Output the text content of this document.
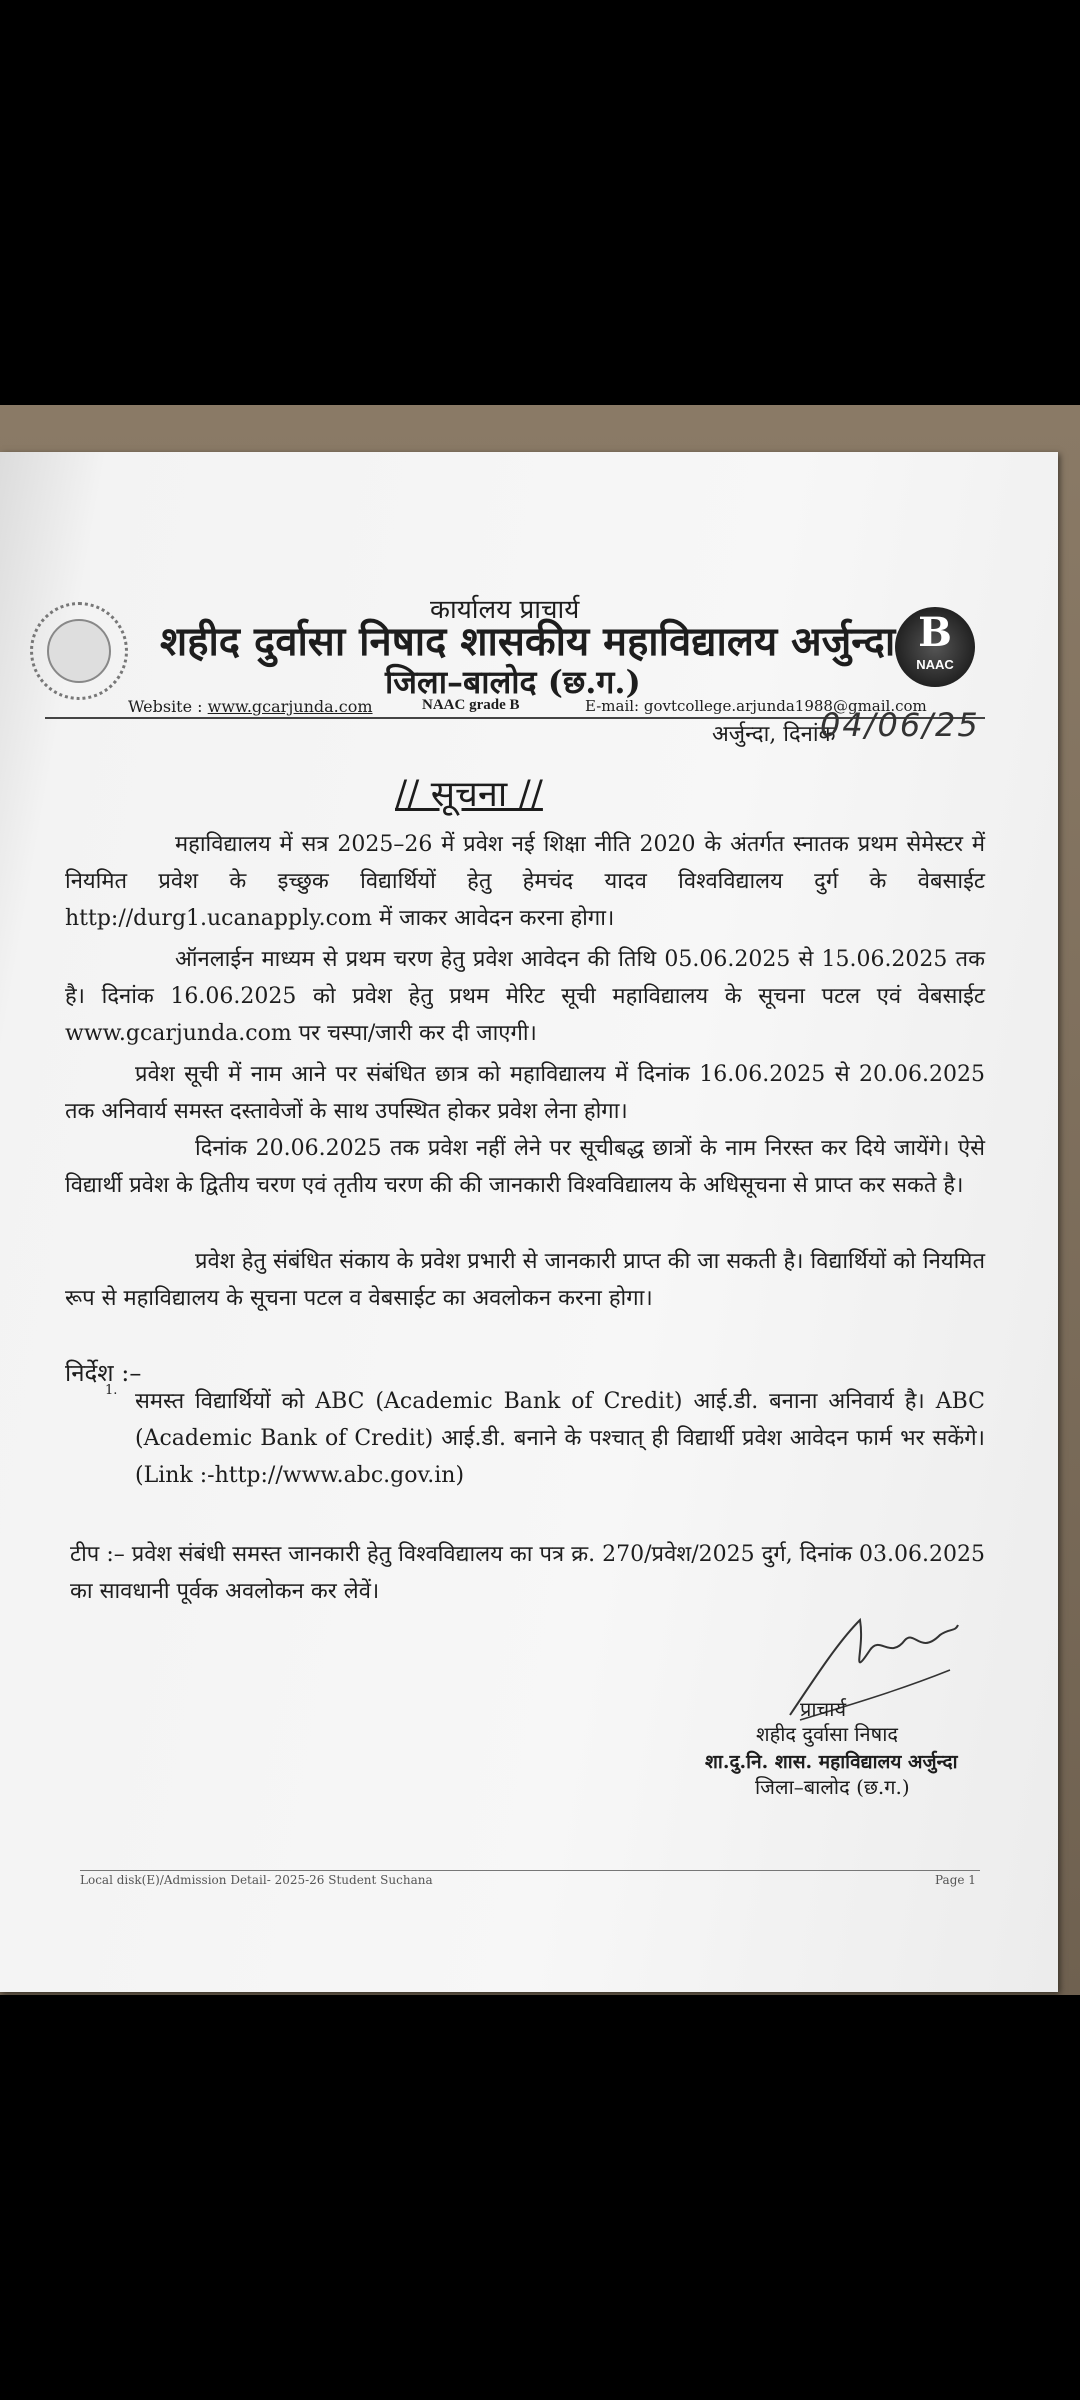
B
NAAC
कार्यालय प्राचार्य
शहीद दुर्वासा निषाद शासकीय महाविद्यालय अर्जुन्दा
जिला–बालोद (छ.ग.)
Website : www.gcarjunda.com	NAAC grade B	E-mail: govtcollege.arjunda1988@gmail.com
अर्जुन्दा, दिनांक
04/06/25
// सूचना //
महाविद्यालय में सत्र 2025–26 में प्रवेश नई शिक्षा नीति 2020 के अंतर्गत स्नातक प्रथम सेमेस्टर में नियमित प्रवेश के इच्छुक विद्यार्थियों हेतु हेमचंद यादव विश्वविद्यालय दुर्ग के वेबसाईट http://durg1.ucanapply.com में जाकर आवेदन करना होगा।
ऑनलाईन माध्यम से प्रथम चरण हेतु प्रवेश आवेदन की तिथि 05.06.2025 से 15.06.2025 तक है। दिनांक 16.06.2025 को प्रवेश हेतु प्रथम मेरिट सूची महाविद्यालय के सूचना पटल एवं वेबसाईट www.gcarjunda.com पर चस्पा/जारी कर दी जाएगी।
प्रवेश सूची में नाम आने पर संबंधित छात्र को महाविद्यालय में दिनांक 16.06.2025 से 20.06.2025 तक अनिवार्य समस्त दस्तावेजों के साथ उपस्थित होकर प्रवेश लेना होगा।
दिनांक 20.06.2025 तक प्रवेश नहीं लेने पर सूचीबद्ध छात्रों के नाम निरस्त कर दिये जायेंगे। ऐसे विद्यार्थी प्रवेश के द्वितीय चरण एवं तृतीय चरण की की जानकारी विश्वविद्यालय के अधिसूचना से प्राप्त कर सकते है।
प्रवेश हेतु संबंधित संकाय के प्रवेश प्रभारी से जानकारी प्राप्त की जा सकती है। विद्यार्थियों को नियमित रूप से महाविद्यालय के सूचना पटल व वेबसाईट का अवलोकन करना होगा।
निर्देश :–
1. समस्त विद्यार्थियों को ABC (Academic Bank of Credit) आई.डी. बनाना अनिवार्य है। ABC (Academic Bank of Credit) आई.डी. बनाने के पश्चात् ही विद्यार्थी प्रवेश आवेदन फार्म भर सकेंगे। (Link :-http://www.abc.gov.in)
टीप :– प्रवेश संबंधी समस्त जानकारी हेतु विश्वविद्यालय का पत्र क्र. 270/प्रवेश/2025 दुर्ग, दिनांक 03.06.2025 का सावधानी पूर्वक अवलोकन कर लेवें।
प्राचार्य
शहीद दुर्वासा निषाद
शा.दु.नि. शास. महाविद्यालय अर्जुन्दा
जिला–बालोद (छ.ग.)
Local disk(E)/Admission Detail- 2025-26 Student Suchana	Page 1
